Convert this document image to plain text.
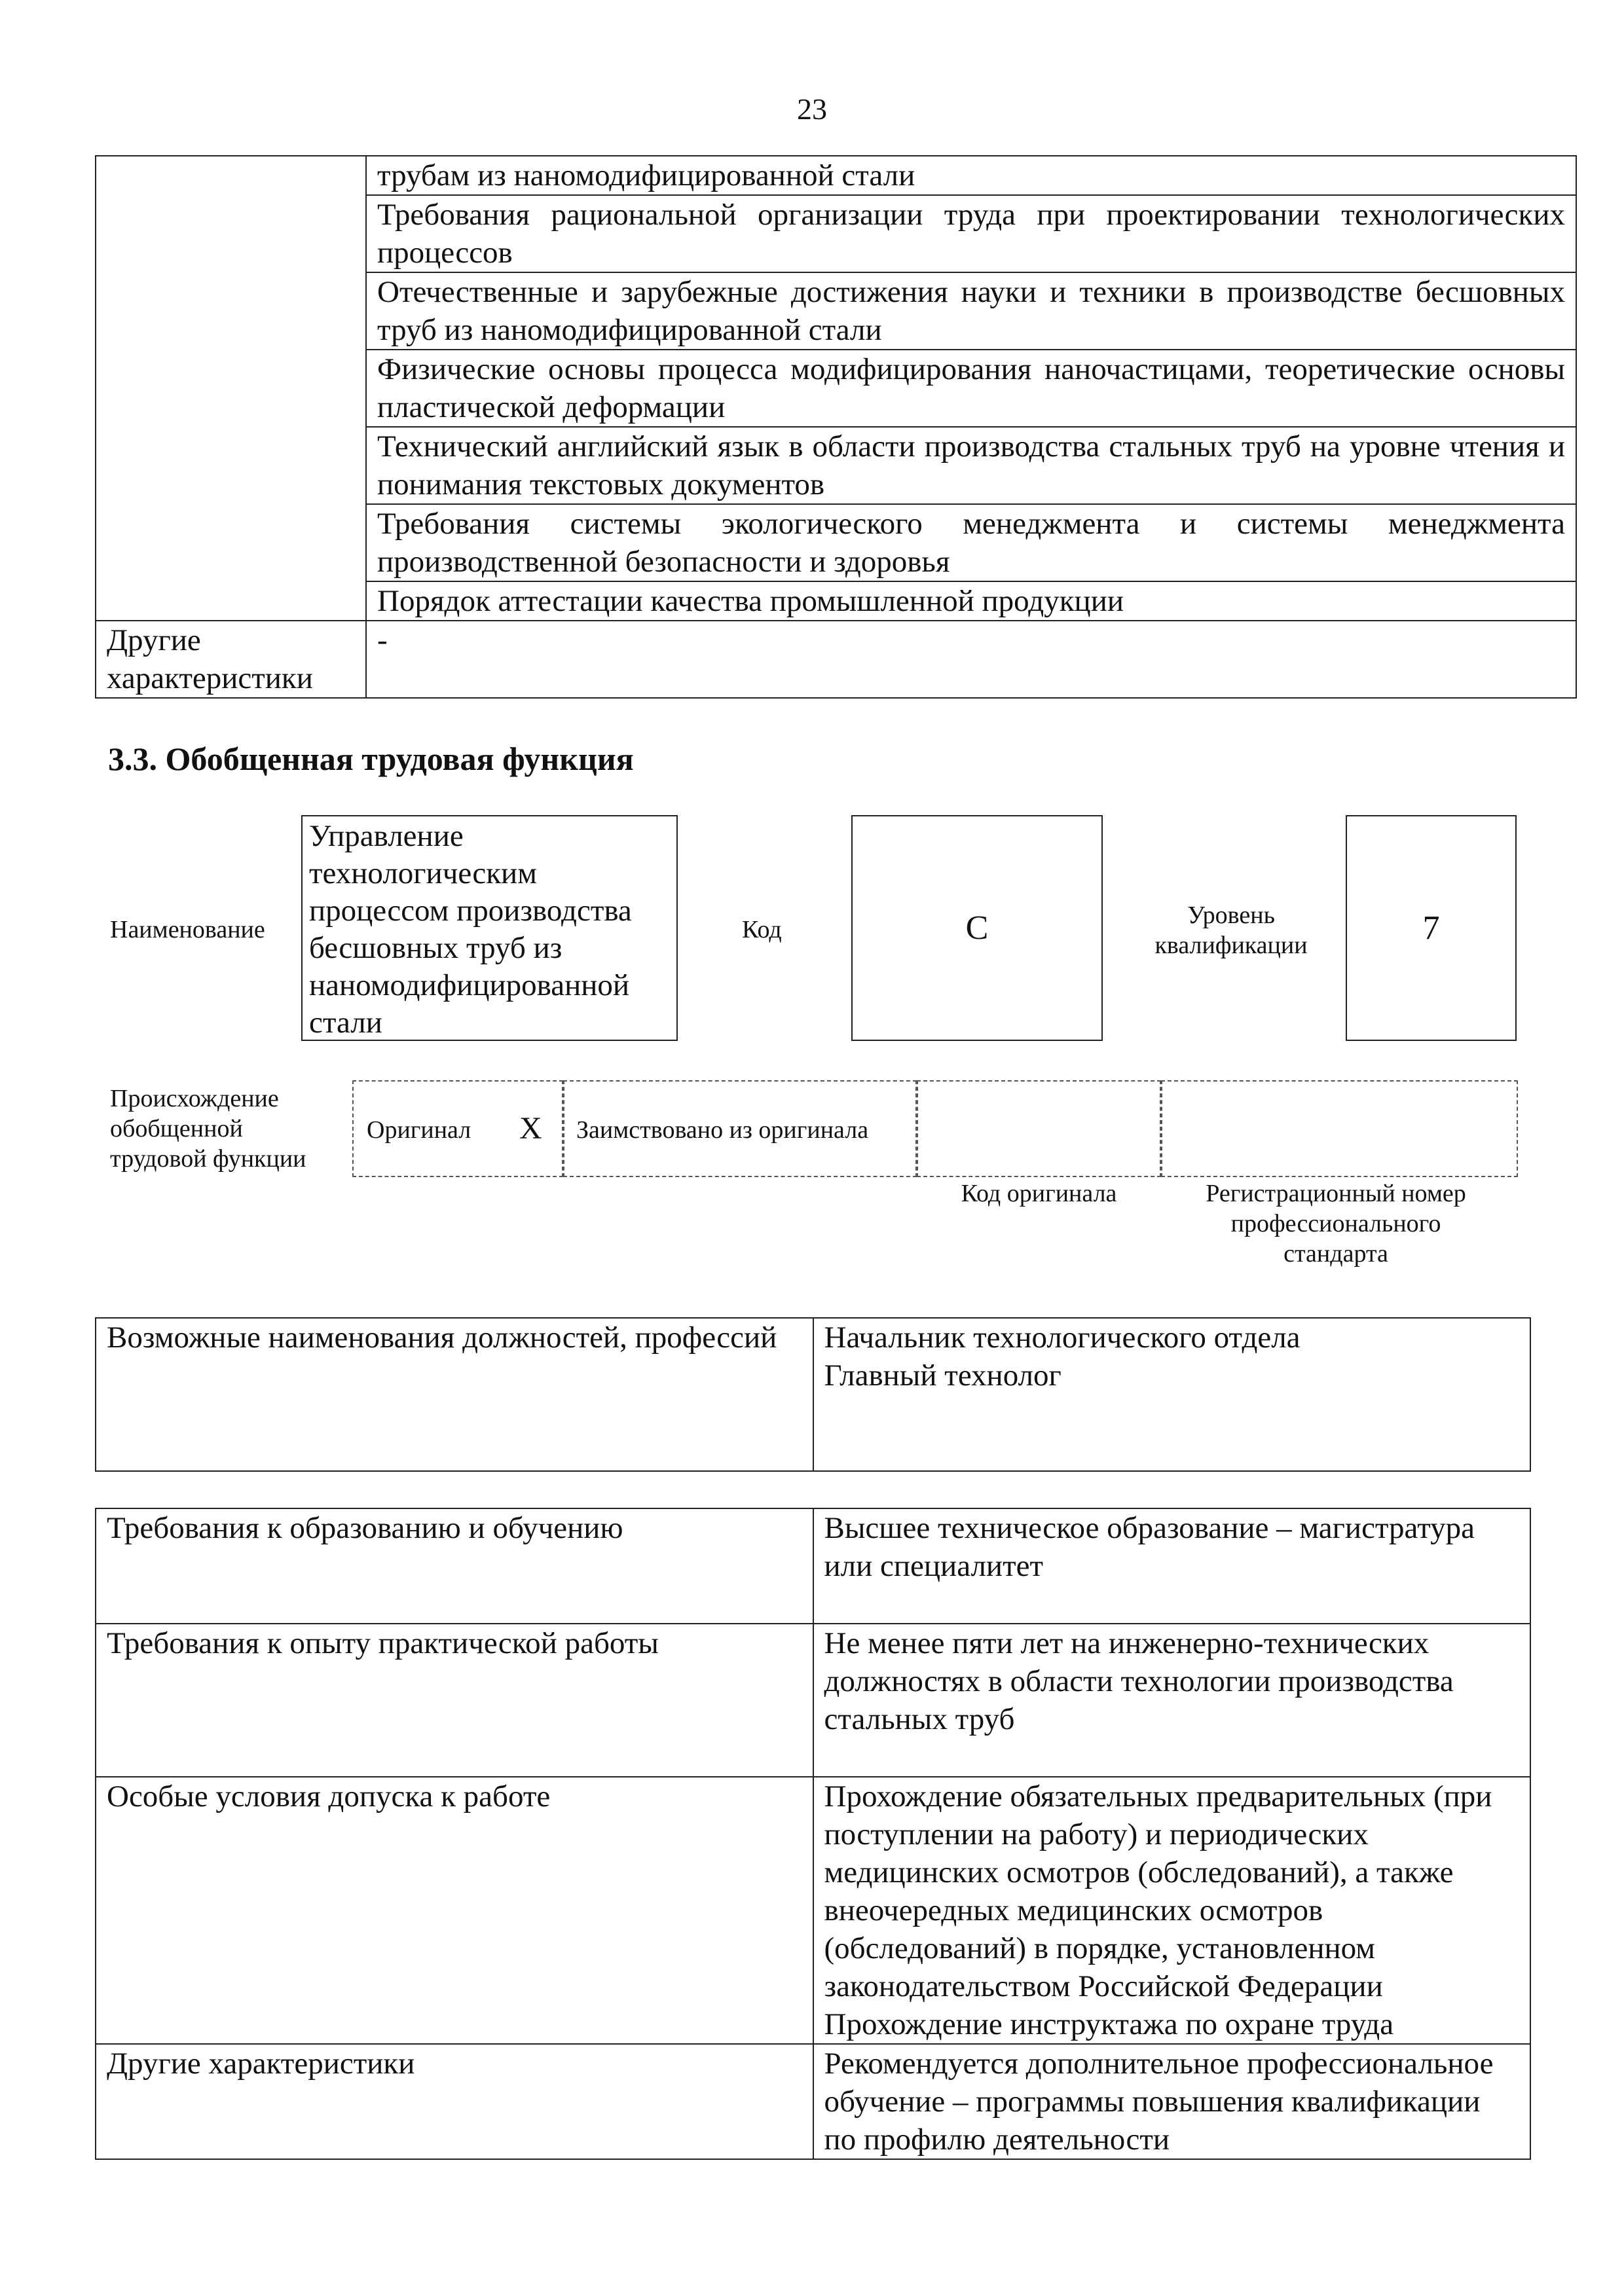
23
	трубам из наномодифицированной стали
	Требования рациональной организации труда при проектировании технологических процессов
	Отечественные и зарубежные достижения науки и техники в производстве бесшовных труб из наномодифицированной стали
	Физические основы процесса модифицирования наночастицами, теоретические основы пластической деформации
	Технический английский язык в области производства стальных труб на уровне чтения и понимания текстовых документов
	Требования системы экологического менеджмента и системы менеджмента производственной безопасности и здоровья
	Порядок аттестации качества промышленной продукции
Другие характеристики	-
3.3. Обобщенная трудовая функция
Наименование
Управление технологическим процессом производства бесшовных труб из наномодифицированной стали
Код	C	Уровень квалификации	7
Происхождение обобщенной трудовой функции
Оригинал X Заимствовано из оригинала
Код оригинала	Регистрационный номер профессионального стандарта
Возможные наименования должностей, профессий	Начальник технологического отдела
Главный технолог
Требования к образованию и обучению	Высшее техническое образование – магистратура или специалитет
Требования к опыту практической работы	Не менее пяти лет на инженерно-технических должностях в области технологии производства стальных труб
Особые условия допуска к работе	Прохождение обязательных предварительных (при поступлении на работу) и периодических медицинских осмотров (обследований), а также внеочередных медицинских осмотров (обследований) в порядке, установленном законодательством Российской Федерации
Прохождение инструктажа по охране труда

Другие характеристики	Рекомендуется дополнительное профессиональное обучение – программы повышения квалификации по профилю деятельности
